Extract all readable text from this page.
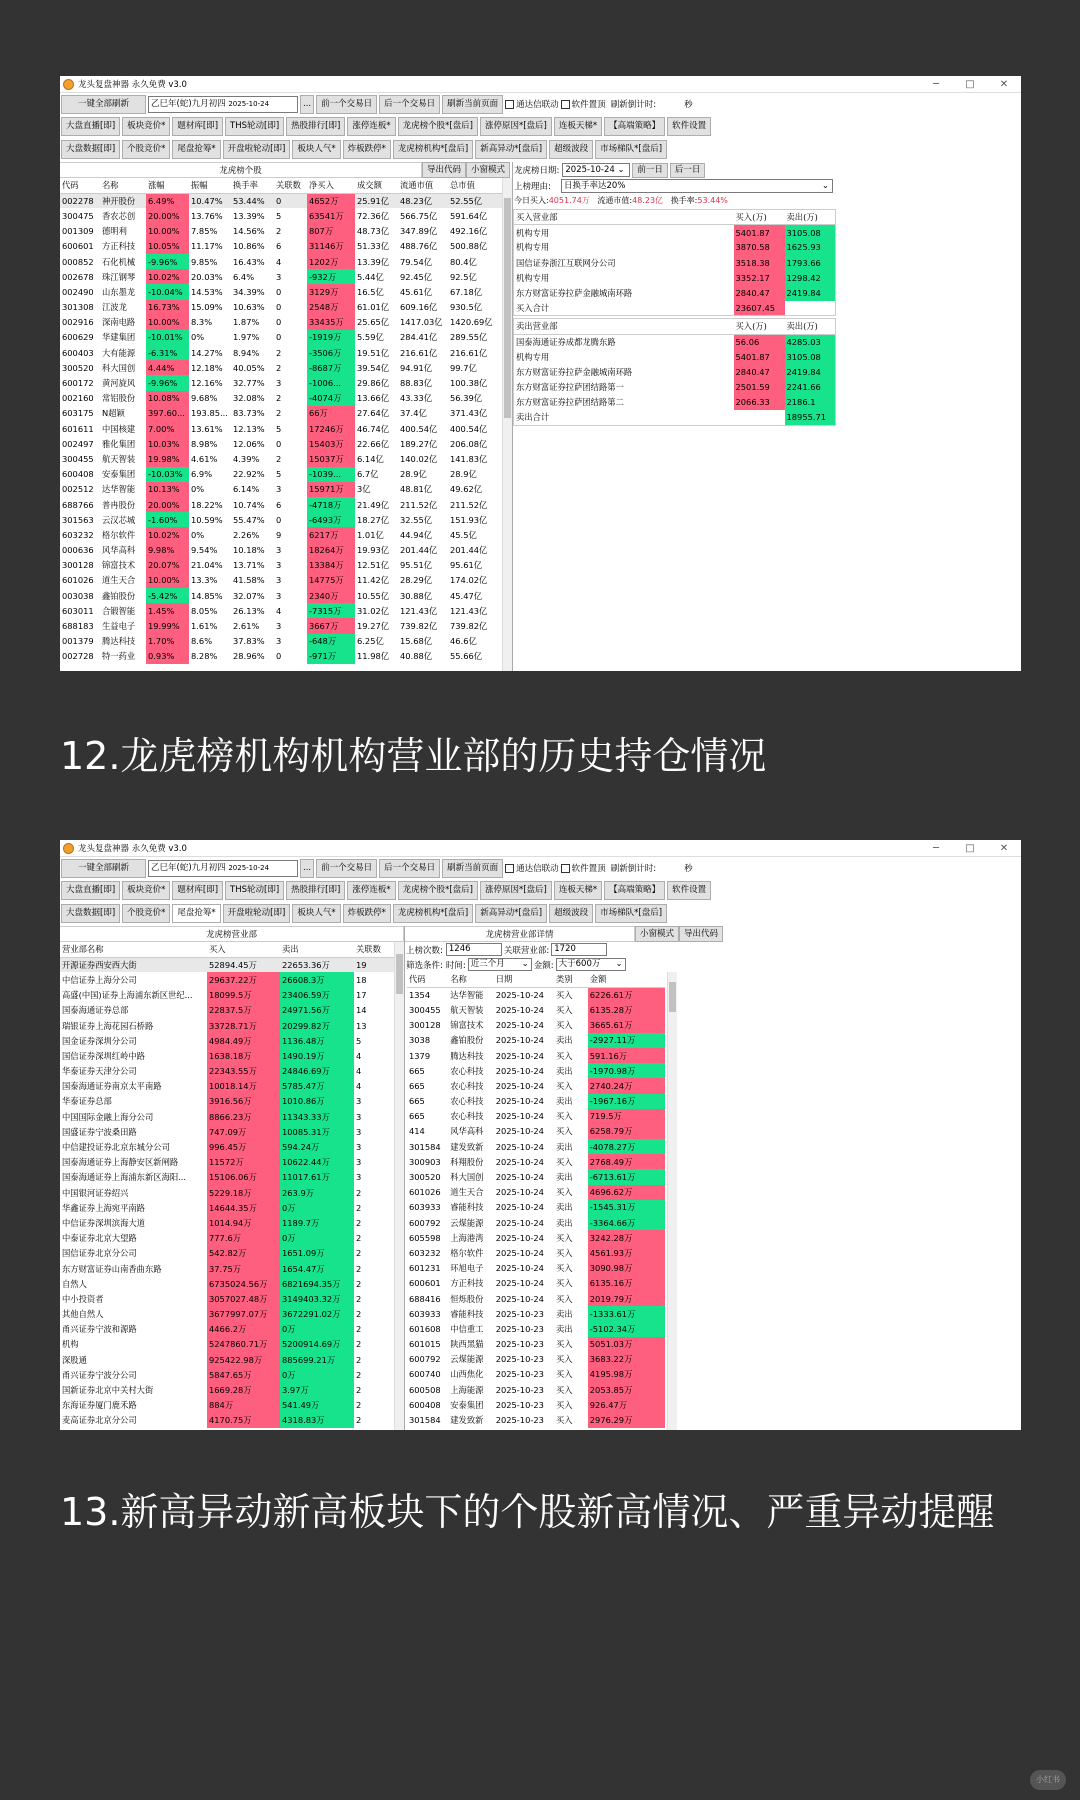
龙头复盘神器 永久免费 v3.0	─	□	✕
一键全部刷新	乙巳年(蛇)九月初四 2025-10-24	...	前一个交易日	后一个交易日	刷新当前页面	通达信联动 软件置顶 刷新倒计时:	秒
大盘直播[即]	板块竞价*	题材库[即]	THS轮动[即]	热股排行[即]	涨停连板*	龙虎榜个股*[盘后]	涨停原因*[盘后]	连板天梯*	【高端策略】	软件设置
大盘数据[即]	个股竞价*	尾盘抢筹*	开盘啦轮动[即]	板块人气*	炸板跌停*	龙虎榜机构*[盘后]	新高异动*[盘后]	超级波段	市场梯队*[盘后]
龙虎榜个股	导出代码	小窗模式
代码	名称	涨幅	振幅	换手率	关联数	净买入	成交额	流通市值	总市值
002278	神开股份	6.49%	10.47%	53.44%	0	4652万	25.91亿	48.23亿	52.55亿
300475	香农芯创	20.00%	13.76%	13.39%	5	63541万	72.36亿	566.75亿	591.64亿
001309	德明利	10.00%	7.85%	14.56%	2	807万	48.73亿	347.89亿	492.16亿
600601	方正科技	10.05%	11.17%	10.86%	6	31146万	51.33亿	488.76亿	500.88亿
000852	石化机械	-9.96%	9.85%	16.43%	4	1202万	13.39亿	79.54亿	80.4亿
002678	珠江钢琴	10.02%	20.03%	6.4%	3	-932万	5.44亿	92.45亿	92.5亿
002490	山东墨龙	-10.04%	14.53%	34.39%	0	3129万	16.5亿	45.61亿	67.18亿
301308	江波龙	16.73%	15.09%	10.63%	0	2548万	61.01亿	609.16亿	930.5亿
002916	深南电路	10.00%	8.3%	1.87%	0	33435万	25.65亿	1417.03亿	1420.69亿
600629	华建集团	-10.01%	0%	1.97%	0	-1919万	5.59亿	284.41亿	289.55亿
600403	大有能源	-6.31%	14.27%	8.94%	2	-3506万	19.51亿	216.61亿	216.61亿
300520	科大国创	4.44%	12.18%	40.05%	2	-8687万	39.54亿	94.91亿	99.7亿
600172	黄河旋风	-9.96%	12.16%	32.77%	3	-1006...	29.86亿	88.83亿	100.38亿
002160	常铝股份	10.08%	9.68%	32.08%	2	-4074万	13.66亿	43.33亿	56.39亿
603175	N超颖	397.60...	193.85...	83.73%	2	66万	27.64亿	37.4亿	371.43亿
601611	中国核建	7.00%	13.61%	12.13%	5	17246万	46.74亿	400.54亿	400.54亿
002497	雅化集团	10.03%	8.98%	12.06%	0	15403万	22.66亿	189.27亿	206.08亿
300455	航天智装	19.98%	4.61%	4.39%	2	15037万	6.14亿	140.02亿	141.83亿
600408	安泰集团	-10.03%	6.9%	22.92%	5	-1039...	6.7亿	28.9亿	28.9亿
002512	达华智能	10.13%	0%	6.14%	3	15971万	3亿	48.81亿	49.62亿
688766	普冉股份	20.00%	18.22%	10.74%	6	-4718万	21.49亿	211.52亿	211.52亿
301563	云汉芯城	-1.60%	10.59%	55.47%	0	-6493万	18.27亿	32.55亿	151.93亿
603232	格尔软件	10.02%	0%	2.26%	9	6217万	1.01亿	44.94亿	45.5亿
000636	风华高科	9.98%	9.54%	10.18%	3	18264万	19.93亿	201.44亿	201.44亿
300128	锦富技术	20.07%	21.04%	13.71%	3	13384万	12.51亿	95.51亿	95.61亿
601026	道生天合	10.00%	13.3%	41.58%	3	14775万	11.42亿	28.29亿	174.02亿
003038	鑫铂股份	-5.42%	14.85%	32.07%	3	2340万	10.55亿	30.88亿	45.47亿
603011	合锻智能	1.45%	8.05%	26.13%	4	-7315万	31.02亿	121.43亿	121.43亿
688183	生益电子	19.99%	1.61%	2.61%	3	3667万	19.27亿	739.82亿	739.82亿
001379	腾达科技	1.70%	8.6%	37.83%	3	-648万	6.25亿	15.68亿	46.6亿
002728	特一药业	0.93%	8.28%	28.96%	0	-971万	11.98亿	40.88亿	55.66亿
龙虎榜日期: 2025-10-24 ⌄	前一日	后一日
上榜理由:	日换手率达20%	⌄
今日买入:4051.74万 流通市值:48.23亿 换手率:53.44%
买入营业部	买入(万)	卖出(万)
机构专用	5401.87	3105.08
机构专用	3870.58	1625.93
国信证券浙江互联网分公司	3518.38	1793.66
机构专用	3352.17	1298.42
东方财富证券拉萨金融城南环路	2840.47	2419.84
买入合计	23607.45	
卖出营业部	买入(万)	卖出(万)
国泰海通证券成都龙腾东路	56.06	4285.03
机构专用	5401.87	3105.08
东方财富证券拉萨金融城南环路	2840.47	2419.84
东方财富证券拉萨团结路第一	2501.59	2241.66
东方财富证券拉萨团结路第二	2066.33	2186.1
卖出合计		18955.71
12.龙虎榜机构机构营业部的历史持仓情况
龙头复盘神器 永久免费 v3.0	─	□	✕
一键全部刷新	乙巳年(蛇)九月初四 2025-10-24	...	前一个交易日	后一个交易日	刷新当前页面	通达信联动 软件置顶 刷新倒计时:	秒
大盘直播[即]	板块竞价*	题材库[即]	THS轮动[即]	热股排行[即]	涨停连板*	龙虎榜个股*[盘后]	涨停原因*[盘后]	连板天梯*	【高端策略】	软件设置
大盘数据[即]	个股竞价*	尾盘抢筹*	开盘啦轮动[即]	板块人气*	炸板跌停*	龙虎榜机构*[盘后]	新高异动*[盘后]	超级波段	市场梯队*[盘后]
龙虎榜营业部
营业部名称	买入	卖出	关联数
开源证券西安西大街	52894.45万	22653.36万	19
中信证券上海分公司	29637.22万	26608.3万	18
高盛(中国)证券上海浦东新区世纪...	18099.5万	23406.59万	17
国泰海通证券总部	22837.5万	24971.56万	14
瑞银证券上海花园石桥路	33728.71万	20299.82万	13
国金证券深圳分公司	4984.49万	1136.48万	5
国信证券深圳红岭中路	1638.18万	1490.19万	4
华泰证券天津分公司	22343.55万	24846.69万	4
国泰海通证券南京太平南路	10018.14万	5785.47万	4
华泰证券总部	3916.56万	1010.86万	3
中国国际金融上海分公司	8866.23万	11343.33万	3
国盛证券宁波桑田路	747.09万	10085.31万	3
中信建投证券北京东城分公司	996.45万	594.24万	3
国泰海通证券上海静安区新闸路	11572万	10622.44万	3
国泰海通证券上海浦东新区海阳...	15106.06万	11017.61万	3
中国银河证券绍兴	5229.18万	263.9万	2
华鑫证券上海宛平南路	14644.35万	0万	2
中信证券深圳滨海大道	1014.94万	1189.7万	2
中泰证券北京大望路	777.6万	0万	2
国信证券北京分公司	542.82万	1651.09万	2
东方财富证券山南香曲东路	37.75万	1654.47万	2
自然人	6735024.56万	6821694.35万	2
中小投资者	3057027.48万	3149403.32万	2
其他自然人	3677997.07万	3672291.02万	2
甬兴证券宁波和源路	4466.2万	0万	2
机构	5247860.71万	5200914.69万	2
深股通	925422.98万	885699.21万	2
甬兴证券宁波分公司	5847.65万	0万	2
国新证券北京中关村大街	1669.28万	3.97万	2
东海证券厦门鹿禾路	884万	541.49万	2
麦高证券北京分公司	4170.75万	4318.83万	2
龙虎榜营业部详情	小窗模式	导出代码
上榜次数: 1246	关联营业部: 1720
筛选条件: 时间: 近三个月 ⌄ 金额: 大于600万 ⌄
代码	名称	日期	类别	金额
1354	达华智能	2025-10-24	买入	6226.61万
300455	航天智装	2025-10-24	买入	6135.28万
300128	锦富技术	2025-10-24	买入	3665.61万
3038	鑫铂股份	2025-10-24	卖出	-2927.11万
1379	腾达科技	2025-10-24	买入	591.16万
665	农心科技	2025-10-24	卖出	-1970.98万
665	农心科技	2025-10-24	买入	2740.24万
665	农心科技	2025-10-24	卖出	-1967.16万
665	农心科技	2025-10-24	买入	719.5万
414	风华高科	2025-10-24	买入	6258.79万
301584	建发致新	2025-10-24	卖出	-4078.27万
300903	科翔股份	2025-10-24	买入	2768.49万
300520	科大国创	2025-10-24	卖出	-6713.61万
601026	道生天合	2025-10-24	买入	4696.62万
603933	睿能科技	2025-10-24	卖出	-1545.31万
600792	云煤能源	2025-10-24	卖出	-3364.66万
605598	上海港湾	2025-10-24	买入	3242.28万
603232	格尔软件	2025-10-24	买入	4561.93万
601231	环旭电子	2025-10-24	买入	3090.98万
600601	方正科技	2025-10-24	买入	6135.16万
688416	恒烁股份	2025-10-24	买入	2019.79万
603933	睿能科技	2025-10-23	卖出	-1333.61万
601608	中信重工	2025-10-23	卖出	-5102.34万
601015	陕西黑猫	2025-10-23	买入	5051.03万
600792	云煤能源	2025-10-23	买入	3683.22万
600740	山西焦化	2025-10-23	买入	4195.98万
600508	上海能源	2025-10-23	买入	2053.85万
600408	安泰集团	2025-10-23	买入	926.47万
301584	建发致新	2025-10-23	买入	2976.29万
13.新高异动新高板块下的个股新高情况、严重异动提醒
小红书
